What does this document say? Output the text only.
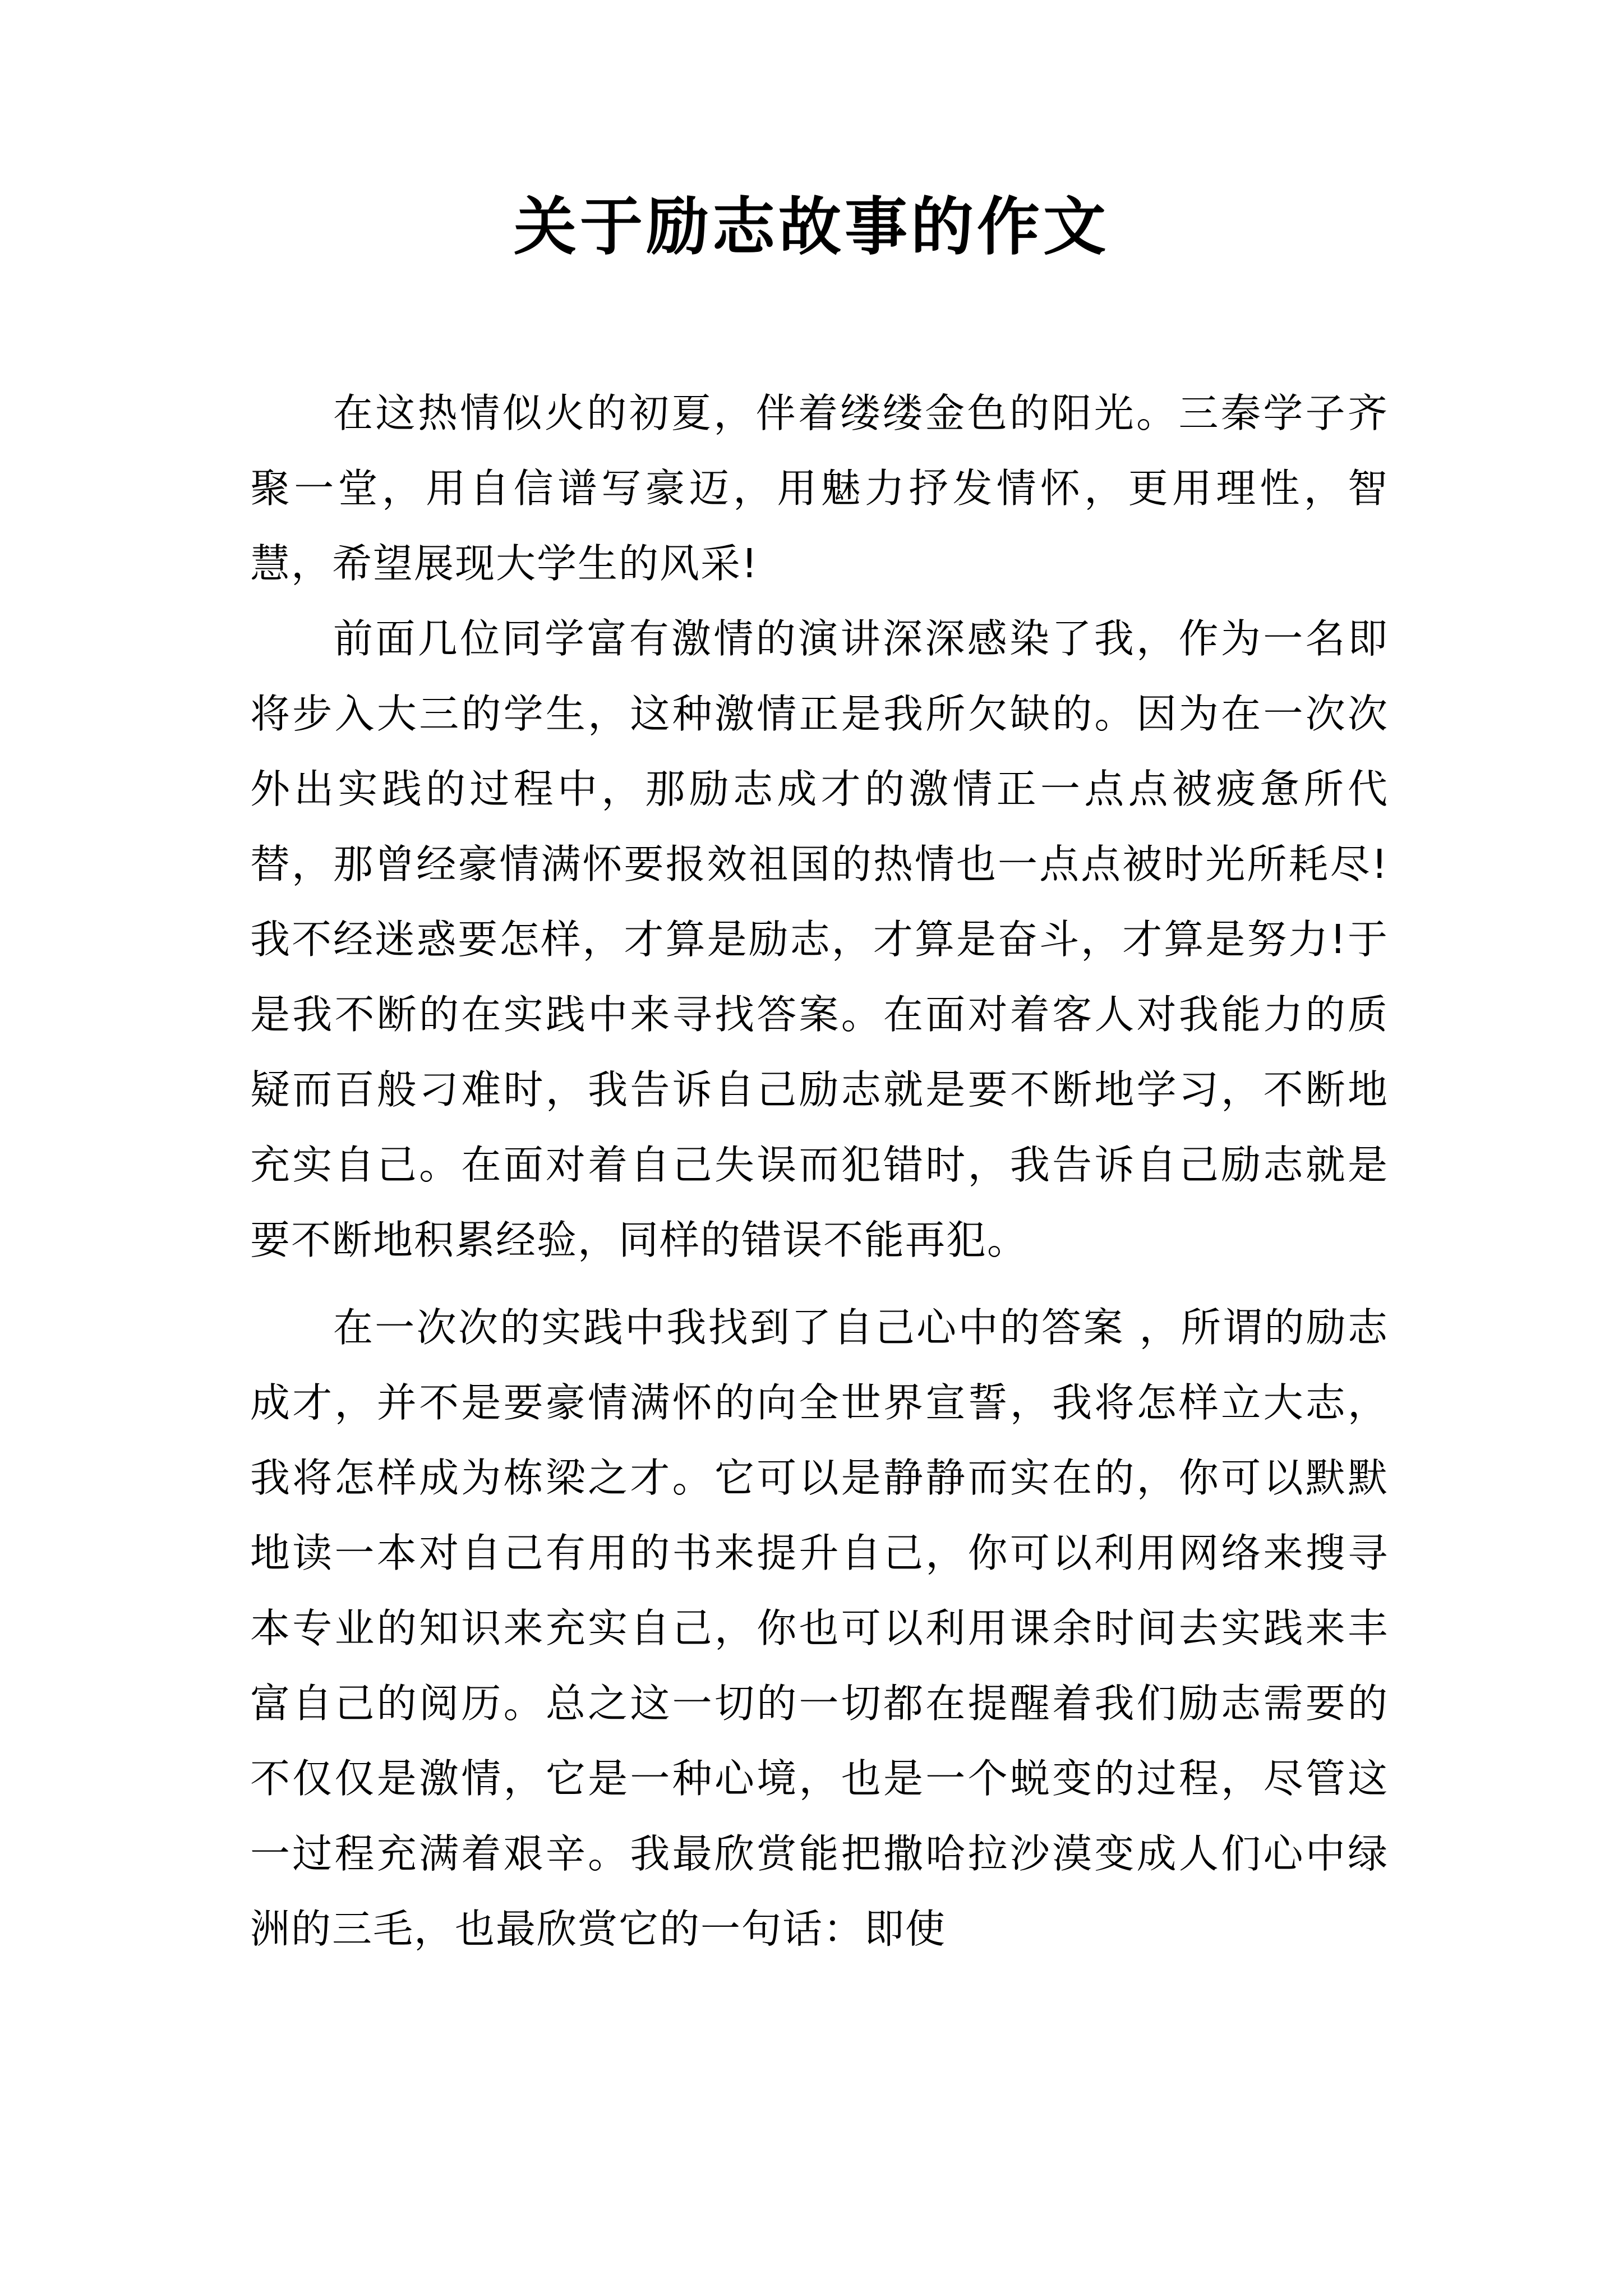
关于励志故事的作文

在这热情似火的初夏，伴着缕缕金色的阳光。三秦学子齐聚一堂，用自信谱写豪迈，用魅力抒发情怀，更用理性，智慧，希望展现大学生的风采!

前面几位同学富有激情的演讲深深感染了我，作为一名即将步入大三的学生，这种激情正是我所欠缺的。因为在一次次外出实践的过程中，那励志成才的激情正一点点被疲惫所代替，那曾经豪情满怀要报效祖国的热情也一点点被时光所耗尽!我不经迷惑要怎样，才算是励志，才算是奋斗，才算是努力!于是我不断的在实践中来寻找答案。在面对着客人对我能力的质疑而百般刁难时，我告诉自己励志就是要不断地学习，不断地充实自己。在面对着自己失误而犯错时，我告诉自己励志就是要不断地积累经验，同样的错误不能再犯。

在一次次的实践中我找到了自己心中的答案 ，所谓的励志成才，并不是要豪情满怀的向全世界宣誓，我将怎样立大志，我将怎样成为栋梁之才。它可以是静静而实在的，你可以默默地读一本对自己有用的书来提升自己，你可以利用网络来搜寻本专业的知识来充实自己，你也可以利用课余时间去实践来丰富自己的阅历。总之这一切的一切都在提醒着我们励志需要的不仅仅是激情，它是一种心境，也是一个蜕变的过程，尽管这一过程充满着艰辛。我最欣赏能把撒哈拉沙漠变成人们心中绿洲的三毛，也最欣赏它的一句话：即使
